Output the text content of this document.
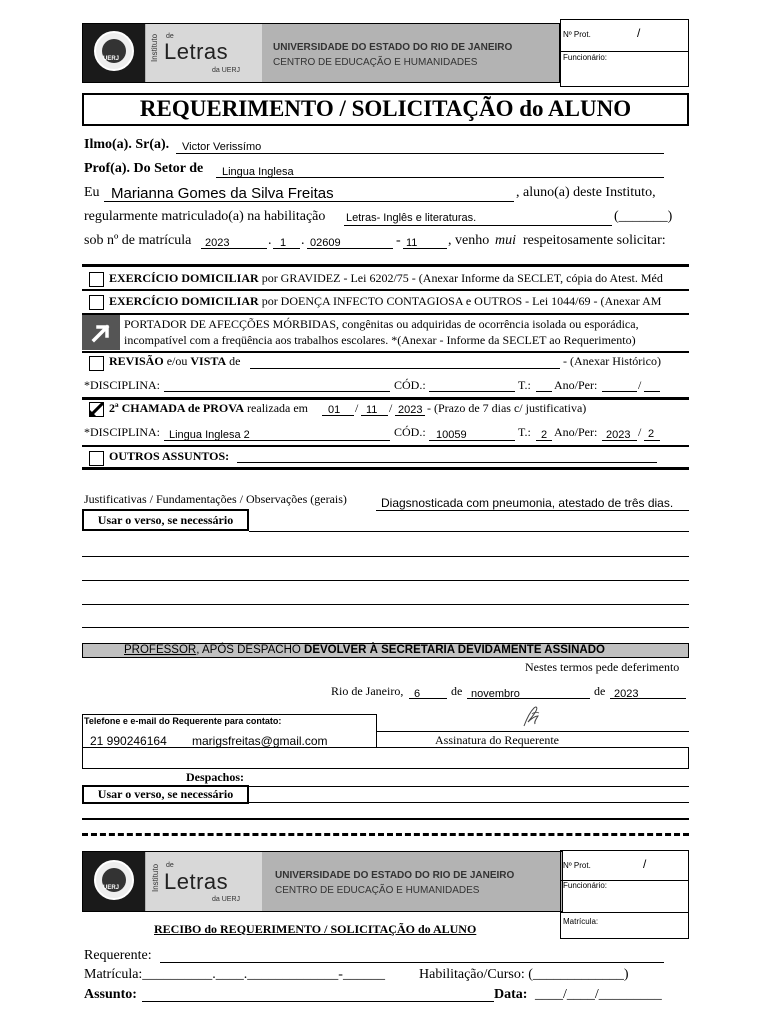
UERJ	Instituto de
Letras
da UERJ
UNIVERSIDADE DO ESTADO DO RIO DE JANEIRO
CENTRO DE EDUCAÇÃO E HUMANIDADES
Nº Prot.	/
Funcionário:
REQUERIMENTO / SOLICITAÇÃO do ALUNO
Ilmo(a). Sr(a). Victor Verissímo
Prof(a). Do Setor de Lingua Inglesa
Eu Marianna Gomes da Silva Freitas	, aluno(a) deste Instituto,
regularmente matriculado(a) na habilitação Letras- Inglês e literaturas.	(_______)
sob nº de matrícula 2023	. 1 . 02609	- 11 , venho mui respeitosamente solicitar:
EXERCÍCIO DOMICILIAR por GRAVIDEZ - Lei 6202/75 - (Anexar Informe da SECLET, cópia do Atest. Méd
EXERCÍCIO DOMICILIAR por DOENÇA INFECTO CONTAGIOSA e OUTROS - Lei 1044/69 - (Anexar AM
PORTADOR DE AFECÇÕES MÓRBIDAS, congênitas ou adquiridas de ocorrência isolada ou esporádica,
incompatível com a freqüência aos trabalhos escolares. *(Anexar - Informe da SECLET ao Requerimento)
REVISÃO e/ou VISTA de	- (Anexar Histórico)
*DISCIPLINA:	CÓD.:	T.: Ano/Per:	/
2ª CHAMADA de PROVA realizada em 01 / 11 / 2023 - (Prazo de 7 dias c/ justificativa)
*DISCIPLINA: Lingua Inglesa 2	CÓD.: 10059	T.: 2 Ano/Per: 2023 / 2
OUTROS ASSUNTOS:
Justificativas / Fundamentações / Observações (gerais)	Diagsnosticada com pneumonia, atestado de três dias.
Usar o verso, se necessário
PROFESSOR, APÓS DESPACHO DEVOLVER À SECRETARIA DEVIDAMENTE ASSINADO
Nestes termos pede deferimento
Rio de Janeiro, 6	de novembro	de 2023
Telefone e e-mail do Requerente para contato:
21 990246164 marigsfreitas@gmail.com	Assinatura do Requerente
Despachos:
Usar o verso, se necessário
UERJ	Instituto de
Letras
da UERJ
UNIVERSIDADE DO ESTADO DO RIO DE JANEIRO
CENTRO DE EDUCAÇÃO E HUMANIDADES
Nº Prot.	/
Funcionário:
Matrícula:
RECIBO do REQUERIMENTO / SOLICITAÇÃO do ALUNO
Requerente:
Matrícula:__________.____._____________-______ Habilitação/Curso: (_____________)
Assunto:	Data: ____/____/_________
